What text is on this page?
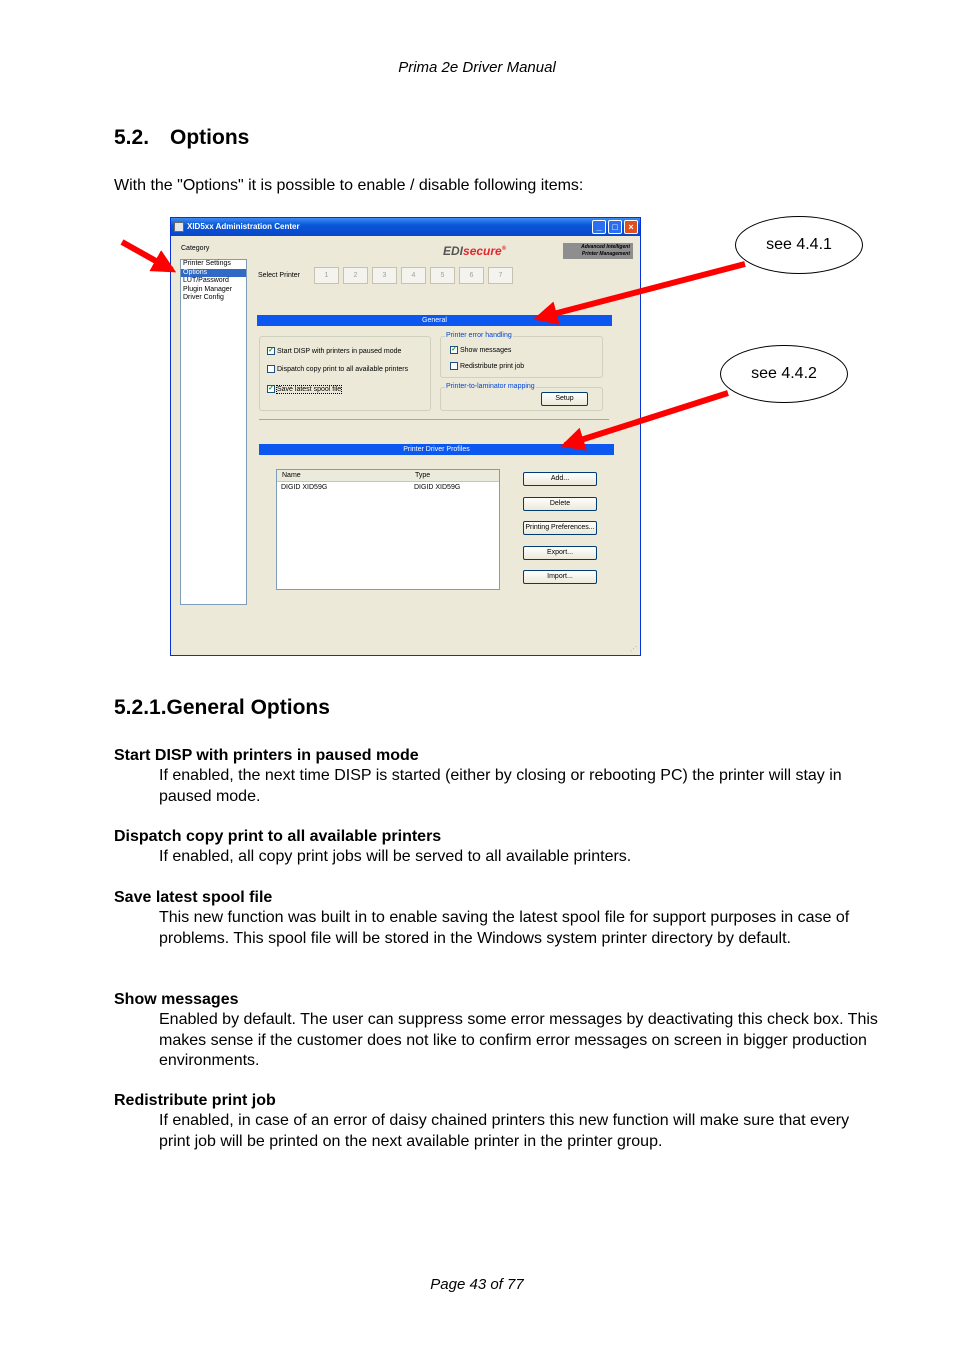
Prima 2e Driver Manual
5.2. Options
With the "Options" it is possible to enable / disable following items:
XID5xx Administration Center	_	□	×
Category
Printer Settings
Options
LUT/Password
Plugin Manager
Driver Config
EDIsecure®	Advanced Intelligent
Printer Management
Select Printer	1	2	3	4	5	6	7
General
✓ Start DISP with printers in paused mode
Dispatch copy print to all available printers
✓ Save latest spool file
Printer error handling
✓ Show messages
Redistribute print job
Printer-to-laminator mapping
Setup
Printer Driver Profiles
Name	Type
DIGID XID59G	DIGID XID59G
Add...
Delete
Printing Preferences...
Export...
Import...
⋰
see 4.4.1
see 4.4.2
5.2.1.General Options
Start DISP with printers in paused mode
If enabled, the next time DISP is started (either by closing or rebooting PC) the printer will stay in paused mode.
Dispatch copy print to all available printers
If enabled, all copy print jobs will be served to all available printers.
Save latest spool file
This new function was built in to enable saving the latest spool file for support purposes in case of problems. This spool file will be stored in the Windows system printer directory by default.
Show messages
Enabled by default. The user can suppress some error messages by deactivating this check box. This makes sense if the customer does not like to confirm error messages on screen in bigger production environments.
Redistribute print job
If enabled, in case of an error of daisy chained printers this new function will make sure that every print job will be printed on the next available printer in the printer group.
Page 43 of 77
